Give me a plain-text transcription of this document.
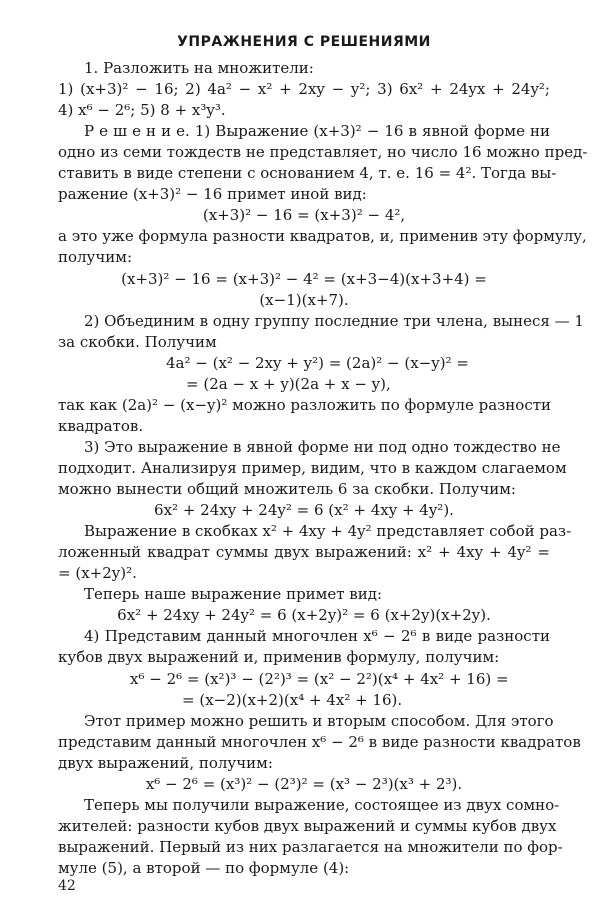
УПРАЖНЕНИЯ С РЕШЕНИЯМИ
1. Разложить на множители:
1) (x+3)² − 16; 2) 4a² − x² + 2xy − y²; 3) 6x² + 24yx + 24y²;
4) x⁶ − 2⁶; 5) 8 + x³y³.
Р е ш е н и е. 1) Выражение (x+3)² − 16 в явной форме ни
одно из семи тождеств не представляет, но число 16 можно пред-
ставить в виде степени с основанием 4, т. е. 16 = 4². Тогда вы-
ражение (x+3)² − 16 примет иной вид:
(x+3)² − 16 = (x+3)² − 4²,
а это уже формула разности квадратов, и, применив эту формулу,
получим:
(x+3)² − 16 = (x+3)² − 4² = (x+3−4)(x+3+4) =
(x−1)(x+7).
2) Объединим в одну группу последние три члена, вынеся — 1
за скобки. Получим
4a² − (x² − 2xy + y²) = (2a)² − (x−y)² =
= (2a − x + y)(2a + x − y),
так как (2a)² − (x−y)² можно разложить по формуле разности
квадратов.
3) Это выражение в явной форме ни под одно тождество не
подходит. Анализируя пример, видим, что в каждом слагаемом
можно вынести общий множитель 6 за скобки. Получим:
6x² + 24xy + 24y² = 6 (x² + 4xy + 4y²).
Выражение в скобках x² + 4xy + 4y² представляет собой раз-
ложенный квадрат суммы двух выражений: x² + 4xy + 4y² =
= (x+2y)².
Теперь наше выражение примет вид:
6x² + 24xy + 24y² = 6 (x+2y)² = 6 (x+2y)(x+2y).
4) Представим данный многочлен x⁶ − 2⁶ в виде разности
кубов двух выражений и, применив формулу, получим:
x⁶ − 2⁶ = (x²)³ − (2²)³ = (x² − 2²)(x⁴ + 4x² + 16) =
= (x−2)(x+2)(x⁴ + 4x² + 16).
Этот пример можно решить и вторым способом. Для этого
представим данный многочлен x⁶ − 2⁶ в виде разности квадратов
двух выражений, получим:
x⁶ − 2⁶ = (x³)² − (2³)² = (x³ − 2³)(x³ + 2³).
Теперь мы получили выражение, состоящее из двух сомно-
жителей: разности кубов двух выражений и суммы кубов двух
выражений. Первый из них разлагается на множители по фор-
муле (5), а второй — по формуле (4):
42
